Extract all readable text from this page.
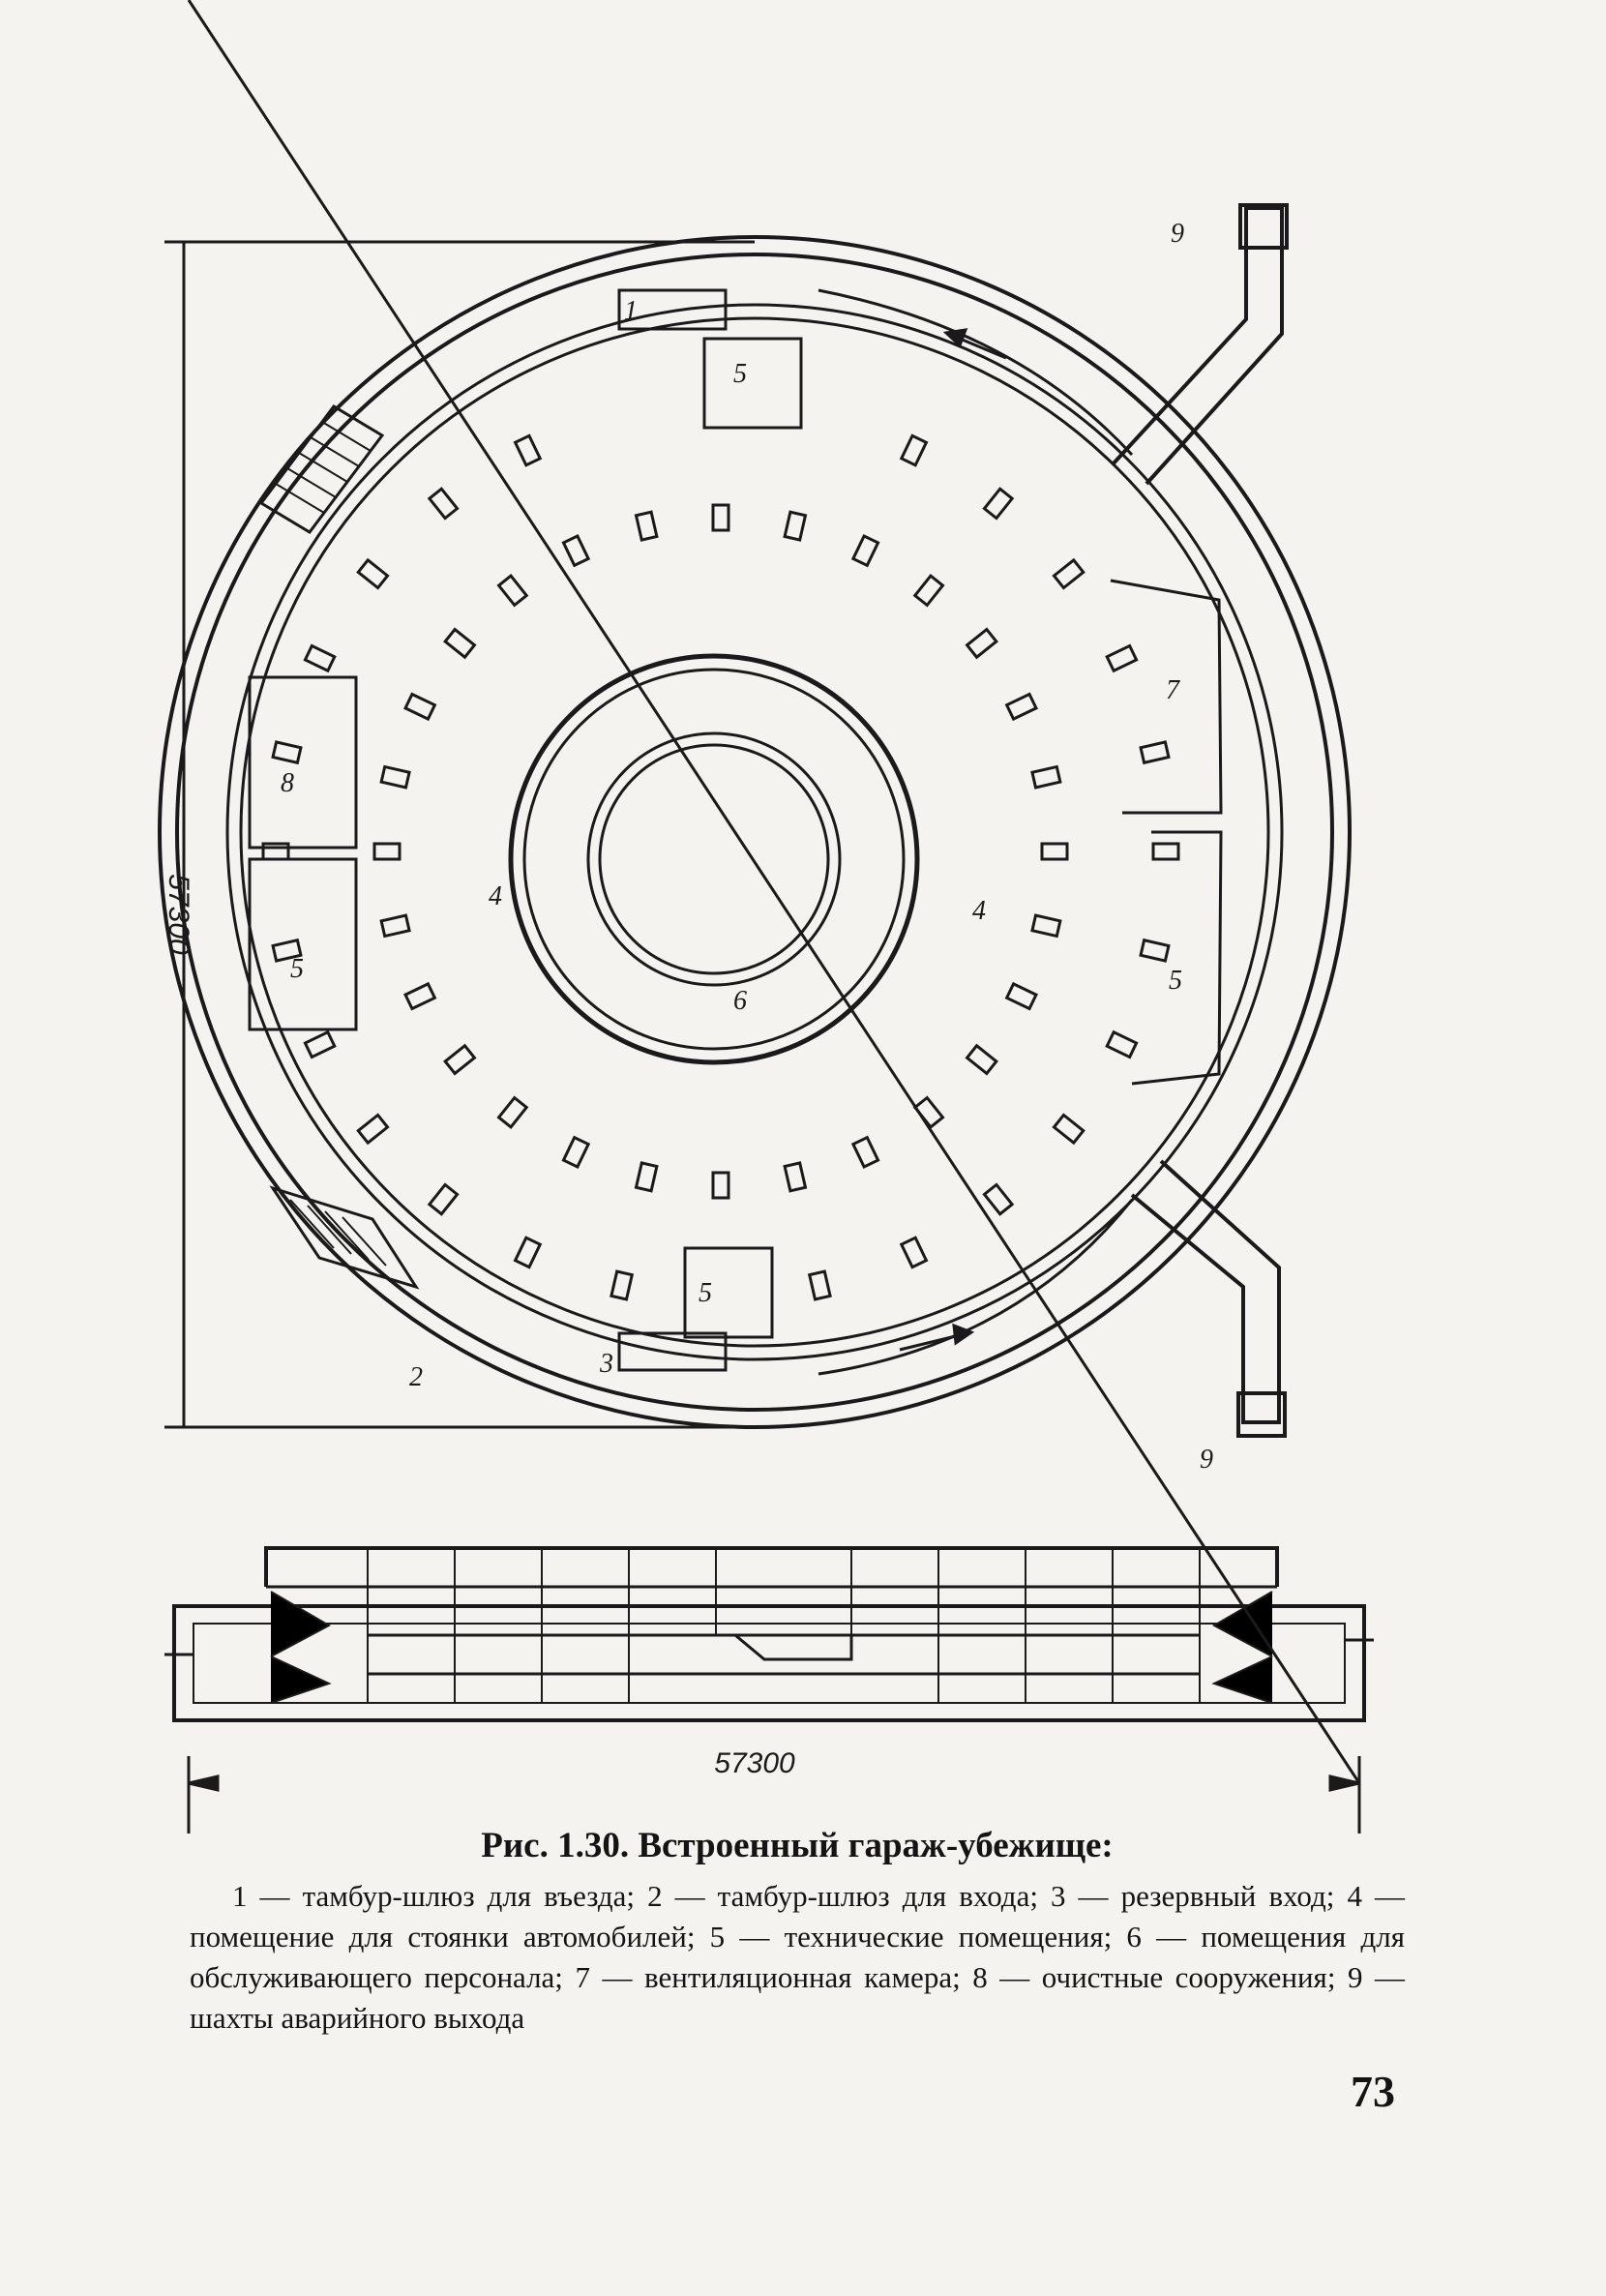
57300
1
2	3
4	4
5
5	5
5
6
7
8
9
9
57300

Рис. 1.30. Встроенный гараж-убежище:

1 — тамбур-шлюз для въезда; 2 — тамбур-шлюз для входа; 3 — резервный вход; 4 — помещение для стоянки автомобилей; 5 — технические помещения; 6 — помещения для обслуживающего персонала; 7 — вентиляционная камера; 8 — очистные сооружения; 9 — шахты аварийного выхода

73
